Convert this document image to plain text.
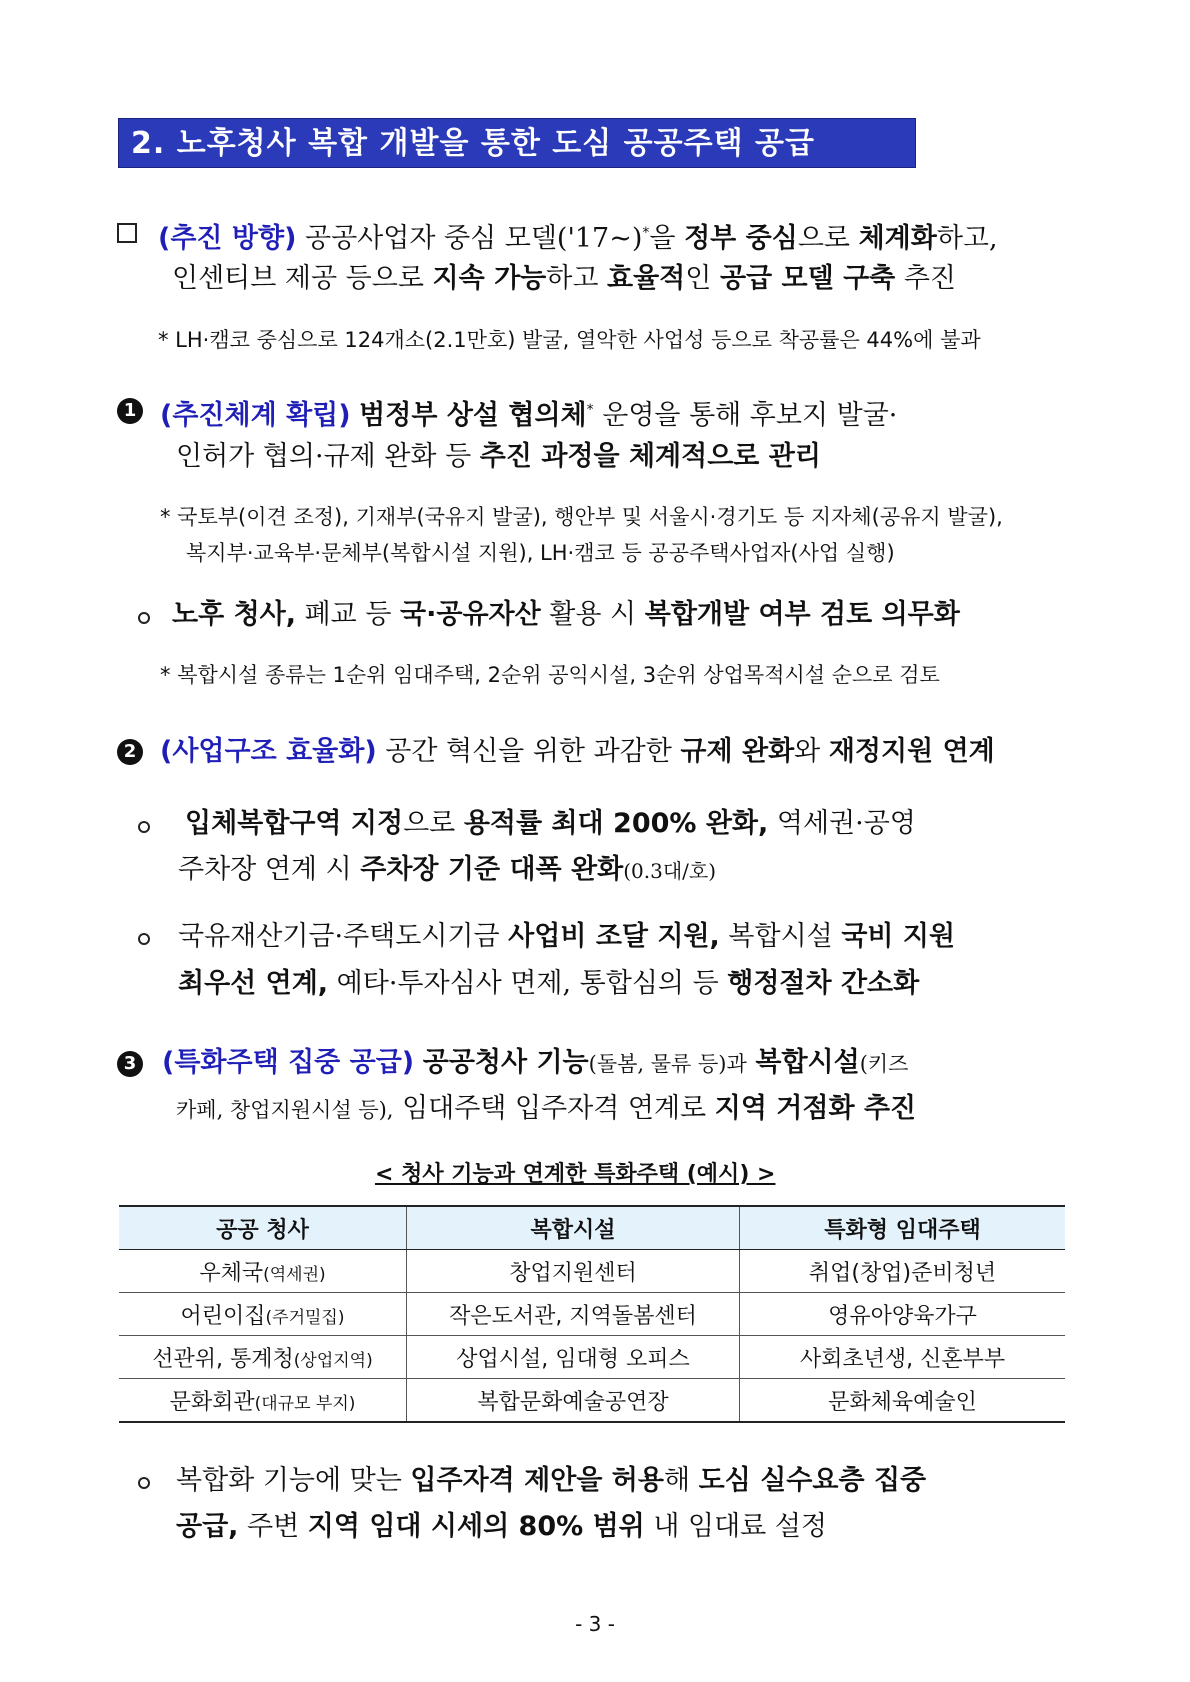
2. 노후청사 복합 개발을 통한 도심 공공주택 공급
(추진 방향) 공공사업자 중심 모델('17~)*을 정부 중심으로 체계화하고,
인센티브 제공 등으로 지속 가능하고 효율적인 공급 모델 구축 추진
* LH·캠코 중심으로 124개소(2.1만호) 발굴, 열악한 사업성 등으로 착공률은 44%에 불과
1 (추진체계 확립) 범정부 상설 협의체* 운영을 통해 후보지 발굴·
인허가 협의·규제 완화 등 추진 과정을 체계적으로 관리
* 국토부(이견 조정), 기재부(국유지 발굴), 행안부 및 서울시·경기도 등 지자체(공유지 발굴),
복지부·교육부·문체부(복합시설 지원), LH·캠코 등 공공주택사업자(사업 실행)
노후 청사, 폐교 등 국·공유자산 활용 시 복합개발 여부 검토 의무화
* 복합시설 종류는 1순위 임대주택, 2순위 공익시설, 3순위 상업목적시설 순으로 검토
2 (사업구조 효율화) 공간 혁신을 위한 과감한 규제 완화와 재정지원 연계
입체복합구역 지정으로 용적률 최대 200% 완화, 역세권·공영
주차장 연계 시 주차장 기준 대폭 완화(0.3대/호)
국유재산기금·주택도시기금 사업비 조달 지원, 복합시설 국비 지원
최우선 연계, 예타·투자심사 면제, 통합심의 등 행정절차 간소화
3 (특화주택 집중 공급) 공공청사 기능(돌봄, 물류 등)과 복합시설(키즈
카페, 창업지원시설 등), 임대주택 입주자격 연계로 지역 거점화 추진
< 청사 기능과 연계한 특화주택 (예시) >
공공 청사	복합시설	특화형 임대주택
우체국(역세권)	창업지원센터	취업(창업)준비청년
어린이집(주거밀집)	작은도서관, 지역돌봄센터	영유아양육가구
선관위, 통계청(상업지역)	상업시설, 임대형 오피스	사회초년생, 신혼부부
문화회관(대규모 부지)	복합문화예술공연장	문화체육예술인
복합화 기능에 맞는 입주자격 제안을 허용해 도심 실수요층 집중
공급, 주변 지역 임대 시세의 80% 범위 내 임대료 설정
- 3 -
